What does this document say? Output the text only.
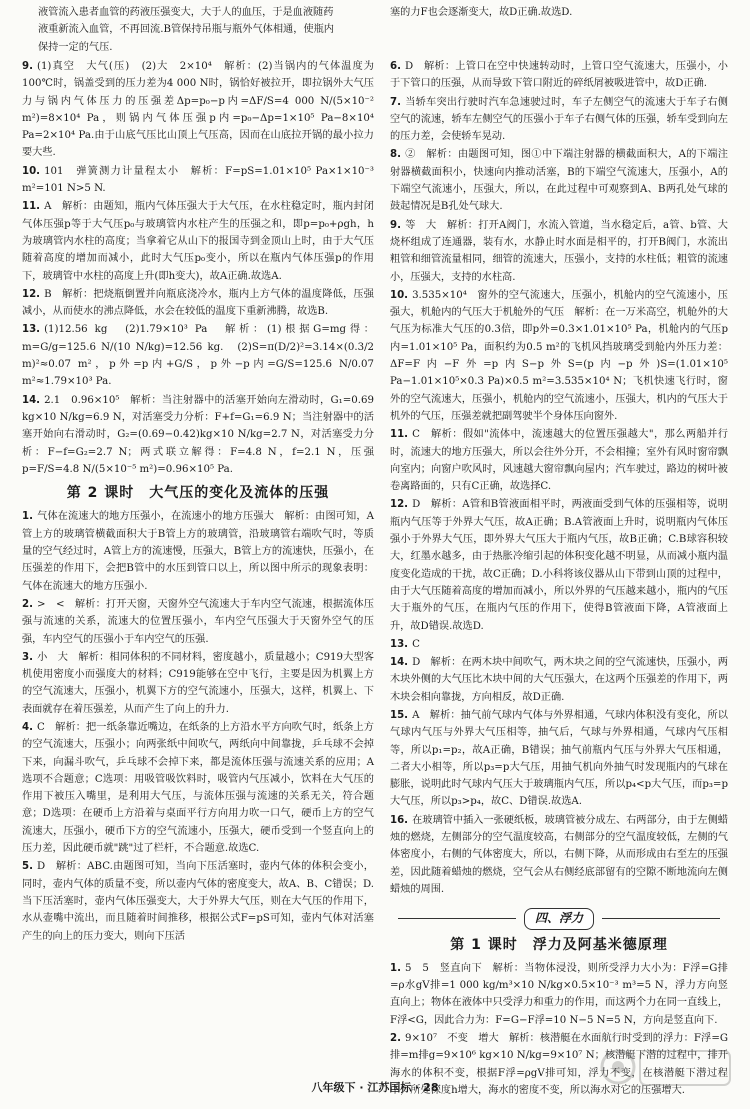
液管流入患者血管的药液压强变大，大于人的血压，于是血液随药

液重新流入血管，不再回流.B管保持吊瓶与瓶外气体相通，使瓶内

保持一定的气压.

塞的力F也会逐渐变大，故D正确.故选D.

9. (1)真空　大气(压)　(2)大　2×10⁴　解析：(2)当锅内的气体温度为100℃时，锅盖受到的压力差为4 000 N时，锅恰好被拉开，即拉锅外大气压力与锅内气体压力的压强差Δp=p₀−p内=ΔF/S=4 000 N/(5×10⁻² m²)=8×10⁴ Pa，则锅内气体压强p内=p₀−Δp=1×10⁵ Pa−8×10⁴ Pa=2×10⁴ Pa.由于山底气压比山顶上气压高，因而在山底拉开锅的最小拉力要大些.

10. 101　弹簧测力计量程太小　解析：F=pS=1.01×10⁵ Pa×1×10⁻³ m²=101 N>5 N.

11. A　解析：由题知，瓶内气体压强大于大气压，在水柱稳定时，瓶内封闭气体压强p等于大气压p₀与玻璃管内水柱产生的压强之和，即p=p₀+ρgh，h为玻璃管内水柱的高度；当拿着它从山下的报国寺到金顶山上时，由于大气压随着高度的增加而减小，此时大气压p₀变小，所以在瓶内气体压强p的作用下，玻璃管中水柱的高度上升(即h变大)，故A正确.故选A.

12. B　解析：把烧瓶倒置并向瓶底浇冷水，瓶内上方气体的温度降低，压强减小，从而使水的沸点降低，水会在较低的温度下重新沸腾，故选B.

13. (1)12.56 kg　(2)1.79×10³ Pa　解析：(1)根据G=mg得：m=G/g=125.6 N/(10 N/kg)=12.56 kg.　(2)S=π(D/2)²=3.14×(0.3/2 m)²≈0.07 m²，p外=p内+G/S，p外−p内=G/S=125.6 N/0.07 m²≈1.79×10³ Pa.

14. 2.1　0.96×10⁵　解析：当注射器中的活塞开始向左滑动时，G₁=0.69 kg×10 N/kg=6.9 N，对活塞受力分析：F+f=G₁=6.9 N；当注射器中的活塞开始向右滑动时，G₂=(0.69−0.42)kg×10 N/kg=2.7 N，对活塞受力分析：F−f=G₂=2.7 N；两式联立解得：F=4.8 N，f=2.1 N，压强p=F/S=4.8 N/(5×10⁻⁵ m²)=0.96×10⁵ Pa.

第 2 课时　大气压的变化及流体的压强

1. 气体在流速大的地方压强小，在流速小的地方压强大　解析：由图可知，A管上方的玻璃管横截面积大于B管上方的玻璃管，沿玻璃管右端吹气时，等质量的空气经过时，A管上方的流速慢，压强大，B管上方的流速快，压强小，在压强差的作用下，会把B管中的水压到管口以上，所以图中所示的现象表明：气体在流速大的地方压强小.

2. >　<　解析：打开天窗，天窗外空气流速大于车内空气流速，根据流体压强与流速的关系，流速大的位置压强小，车内空气压强大于天窗外空气的压强，车内空气的压强小于车内空气的压强.

3. 小　大　解析：相同体积的不同材料，密度越小，质量越小；C919大型客机使用密度小而强度大的材料；C919能够在空中飞行，主要是因为机翼上方的空气流速大，压强小，机翼下方的空气流速小，压强大，这样，机翼上、下表面就存在着压强差，从而产生了向上的升力.

4. C　解析：把一纸条靠近嘴边，在纸条的上方沿水平方向吹气时，纸条上方的空气流速大，压强小；向两张纸中间吹气，两纸向中间靠拢，乒乓球不会掉下来，向漏斗吹气，乒乓球不会掉下来，都是流体压强与流速关系的应用；A选项不合题意；C选项：用吸管吸饮料时，吸管内气压减小，饮料在大气压的作用下被压入嘴里，是利用大气压，与流体压强与流速的关系无关，符合题意；D选项：在硬币上方沿着与桌面平行方向用力吹一口气，硬币上方的空气流速大，压强小，硬币下方的空气流速小，压强大，硬币受到一个竖直向上的压力差，因此硬币就"跳"过了栏杆，不合题意.故选C.

5. D　解析：ABC.由题图可知，当向下压活塞时，壶内气体的体积会变小，同时，壶内气体的质量不变，所以壶内气体的密度变大，故A、B、C错误；D.当下压活塞时，壶内气体压强变大，大于外界大气压，则在大气压的作用下，水从壶嘴中流出，而且随着时间推移，根据公式F=pS可知，壶内气体对活塞产生的向上的压力变大，则向下压活

6. D　解析：上管口在空中快速转动时，上管口空气流速大，压强小，小于下管口的压强，从而导致下管口附近的碎纸屑被吸进管中，故D正确.

7. 当轿车突出行驶时汽车急速驶过时，车子左侧空气的流速大于车子右侧空气的流速，轿车左侧空气的压强小于车子右侧气体的压强，轿车受到向左的压力差，会使轿车晃动.

8. ②　解析：由题图可知，图①中下端注射器的横截面积大，A的下端注射器横截面积小，快速向内推动活塞，B的下端空气流速大，压强小，A的下端空气流速小，压强大，所以，在此过程中可观察到A、B两孔处气球的鼓起情况是B孔处气球大.

9. 等　大　解析：打开A阀门，水流入管道，当水稳定后，a管、b管、大烧杯组成了连通器，装有水，水静止时水面是相平的，打开B阀门，水流出粗管和细管流量相同，细管的流速大，压强小，支持的水柱低；粗管的流速小，压强大，支持的水柱高.

10. 3.535×10⁴　窗外的空气流速大，压强小，机舱内的空气流速小，压强大，机舱内的气压大于机舱外的气压　解析：在一万米高空，机舱外的大气压为标准大气压的0.3倍，即p外=0.3×1.01×10⁵ Pa，机舱内的气压p内=1.01×10⁵ Pa，面积约为0.5 m²的飞机风挡玻璃受到舱内外压力差：ΔF=F内−F外=p内S−p外S=(p内−p外)S=(1.01×10⁵ Pa−1.01×10⁵×0.3 Pa)×0.5 m²=3.535×10⁴ N；飞机快速飞行时，窗外的空气流速大，压强小，机舱内的空气流速小，压强大，机内的气压大于机外的气压，压强差就把副驾驶半个身体压向窗外.

11. C　解析：假如"流体中，流速越大的位置压强越大"，那么两船并行时，流速大的地方压强大，所以会往外分开，不会相撞；室外有风时窗帘飘向室内；向窗户吹风时，风速越大窗帘飘向屋内；汽车驶过，路边的树叶被卷离路面的，只有C正确，故选择C.

12. D　解析：A管和B管液面相平时，两液面受到气体的压强相等，说明瓶内气压等于外界大气压，故A正确；B.A管液面上升时，说明瓶内气体压强小于外界大气压，即外界大气压大于瓶内气压，故B正确；C.B球容积较大，红墨水越多，由于热胀冷缩引起的体积变化越不明显，从而减小瓶内温度变化造成的干扰，故C正确；D.小科将该仪器从山下带到山顶的过程中，由于大气压随着高度的增加而减小，所以外界的气压越来越小，瓶内的气压大于瓶外的气压，在瓶内气压的作用下，使得B管液面下降，A管液面上升，故D错误.故选D.

13. C

14. D　解析：在两木块中间吹气，两木块之间的空气流速快，压强小，两木块外侧的大气压比木块中间的大气压强大，在这两个压强差的作用下，两木块会相向靠拢，方向相反，故D正确.

15. A　解析：抽气前气球内气体与外界相通，气球内体积没有变化，所以气球内气压与外界大气压相等，抽气后，气球与外界相通，气球内气压相等，所以p₁=p₂，故A正确，B错误；抽气前瓶内气压与外界大气压相通，二者大小相等，所以p₃=p大气压，用抽气机向外抽气时发现瓶内的气球在膨胀，说明此时气球内气压大于玻璃瓶内气压，所以p₄<p大气压，而p₃=p大气压，所以p₃>p₄，故C、D错误.故选A.

16. 在玻璃管中插入一张硬纸板，玻璃管被分成左、右两部分，由于左侧蜡烛的燃烧，左侧部分的空气温度较高，右侧部分的空气温度较低，左侧的气体密度小，右侧的气体密度大，所以，右侧下降，从而形成由右至左的压强差，因此随着蜡烛的燃烧，空气会从右侧经底部留有的空隙不断地流向左侧蜡烛的周围.

四、浮力
第 1 课时　浮力及阿基米德原理

1. 5　5　竖直向下　解析：当物体浸没，则所受浮力大小为：F浮=G排=ρ水gV排=1 000 kg/m³×10 N/kg×0.5×10⁻³ m³=5 N，浮力方向竖直向上；物体在液体中只受浮力和重力的作用，而这两个力在同一直线上，F浮<G，因此合力为：F=G−F浮=10 N−5 N=5 N，方向是竖直向下.

2. 9×10⁷　不变　增大　解析：核潜艇在水面航行时受到的浮力：F浮=G排=m排g=9×10⁶ kg×10 N/kg=9×10⁷ N；核潜艇下潜的过程中，排开海水的体积不变，根据F浮=ρgV排可知，浮力不变，在核潜艇下潜过程中，所处深度h增大，海水的密度不变，所以海水对它的压强增大.

八年级下 · 江苏国标 · 28
